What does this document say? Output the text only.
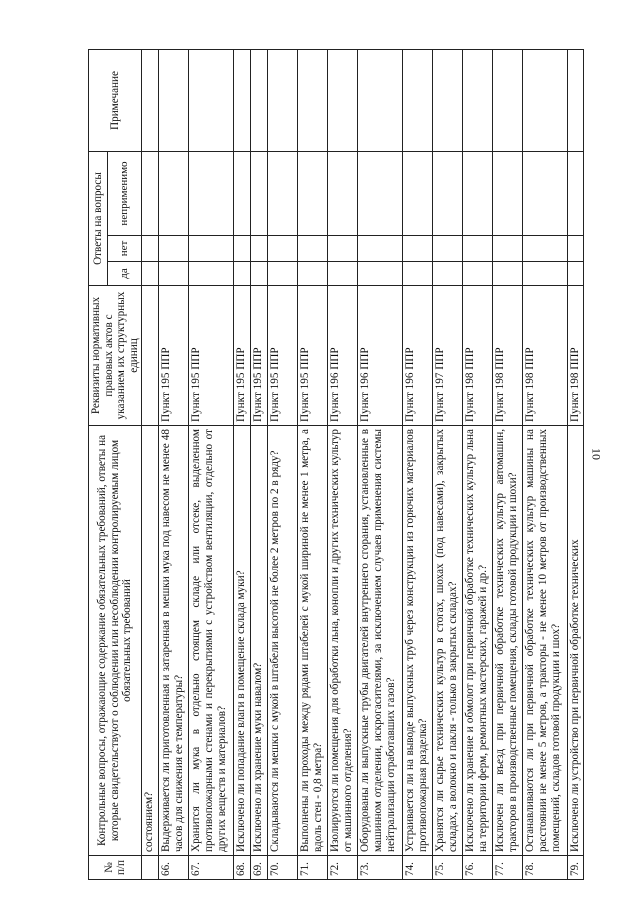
10
№ п/п	Контрольные вопросы, отражающие содержание обязательных требований, ответы на которые свидетельствуют о соблюдении или несоблюдении контролируемым лицом обязательных требований	Реквизиты нормативных правовых актов с указанием их структурных единиц	Ответы на вопросы			Примечание
			да	нет	неприменимо	
	состоянием?					
66.	Выдерживается ли приготовленная и затаренная в мешки мука под навесом не менее 48 часов для снижения ее температуры?	Пункт 195 ППР				
67.	Хранится ли мука в отдельно стоящем складе или отсеке, выделенном противопожарными стенами и перекрытиями с устройством вентиляции, отдельно от других веществ и материалов?	Пункт 195 ППР				
68.	Исключено ли попадание влаги в помещение склада муки?	Пункт 195 ППР				
69.	Исключено ли хранение муки навалом?	Пункт 195 ППР				
70.	Складываются ли мешки с мукой в штабели высотой не более 2 метров по 2 в ряду?	Пункт 195 ППР				
71.	Выполнены ли проходы между рядами штабелей с мукой шириной не менее 1 метра, а вдоль стен - 0,8 метра?	Пункт 195 ППР				
72.	Изолируются ли помещения для обработки льна, конопли и других технических культур от машинного отделения?	Пункт 196 ППР				
73.	Оборудованы ли выпускные трубы двигателей внутреннего сгорания, установленные в машинном отделении, искрогасителями, за исключением случаев применения системы нейтрализации отработавших газов?	Пункт 196 ППР				
74.	Устраивается ли на выводе выпускных труб через конструкции из горючих материалов противопожарная разделка?	Пункт 196 ППР				
75.	Хранятся ли сырье технических культур в стогах, шохах (под навесами), закрытых складах, а волокно и пакля - только в закрытых складах?	Пункт 197 ППР				
76.	Исключено ли хранение и обмолот при первичной обработке технических культур льна на территории ферм, ремонтных мастерских, гаражей и др.?	Пункт 198 ППР				
77.	Исключен ли въезд при первичной обработке технических культур автомашин, тракторов в производственные помещения, склады готовой продукции и шохи?	Пункт 198 ППР				
78.	Останавливаются ли при первичной обработке технических культур машины на расстоянии не менее 5 метров, а тракторы - не менее 10 метров от производственных помещений, складов готовой продукции и шох?	Пункт 198 ППР				
79.	Исключено ли устройство при первичной обработке технических	Пункт 198 ППР				
